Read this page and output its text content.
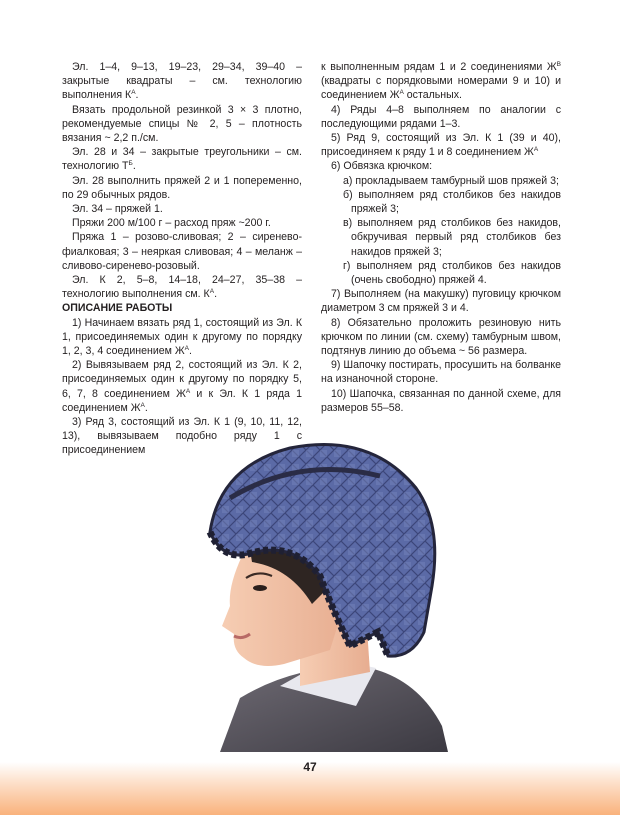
Эл. 1–4, 9–13, 19–23, 29–34, 39–40 – закрытые квадраты – см. технологию выполнения $К^А$.

Вязать продольной резинкой 3 × 3 плотно, рекомендуемые спицы № 2, 5 – плотность вязания ~ 2,2 п./см.

Эл. 28 и 34 – закрытые треугольники – см. технологию $Т^Б$.

Эл. 28 выполнить пряжей 2 и 1 попеременно, по 29 обычных рядов.

Эл. 34 – пряжей 1.

Пряжи 200 м/100 г – расход пряж ~200 г.

Пряжа 1 – розово-сливовая; 2 – сиренево-фиалковая; 3 – неяркая сливовая; 4 – меланж – сливово-сиренево-розовый.

Эл. К 2, 5–8, 14–18, 24–27, 35–38 – технологию выполнения см. $К^А$.

ОПИСАНИЕ РАБОТЫ

1) Начинаем вязать ряд 1, состоящий из Эл. К 1, присоединяемых один к другому по порядку 1, 2, 3, 4 соединением $Ж^А$.

2) Вывязываем ряд 2, состоящий из Эл. К 2, присоединяемых один к другому по порядку 5, 6, 7, 8 соединением $Ж^А$ и к Эл. К 1 ряда 1 соединением $Ж^А$.

3) Ряд 3, состоящий из Эл. К 1 (9, 10, 11, 12, 13), вывязываем подобно ряду 1 с присоединением

к выполненным рядам 1 и 2 соединениями $Ж^В$ (квадраты с порядковыми номерами 9 и 10) и соединением $Ж^А$ остальных.

4) Ряды 4–8 выполняем по аналогии с последующими рядами 1–3.

5) Ряд 9, состоящий из Эл. К 1 (39 и 40), присоединяем к ряду 1 и 8 соединением $Ж^А$

6) Обвязка крючком:

а) прокладываем тамбурный шов пряжей 3;

б) выполняем ряд столбиков без накидов пряжей 3;

в) выполняем ряд столбиков без накидов, обкручивая первый ряд столбиков без накидов пряжей 3;

г) выполняем ряд столбиков без накидов (очень свободно) пряжей 4.

7) Выполняем (на макушку) пуговицу крючком диаметром 3 см пряжей 3 и 4.

8) Обязательно проложить резиновую нить крючком по линии (см. схему) тамбурным швом, подтянув линию до объема ~ 56 размера.

9) Шапочку постирать, просушить на болванке на изнаночной стороне.

10) Шапочка, связанная по данной схеме, для размеров 55–58.

47
